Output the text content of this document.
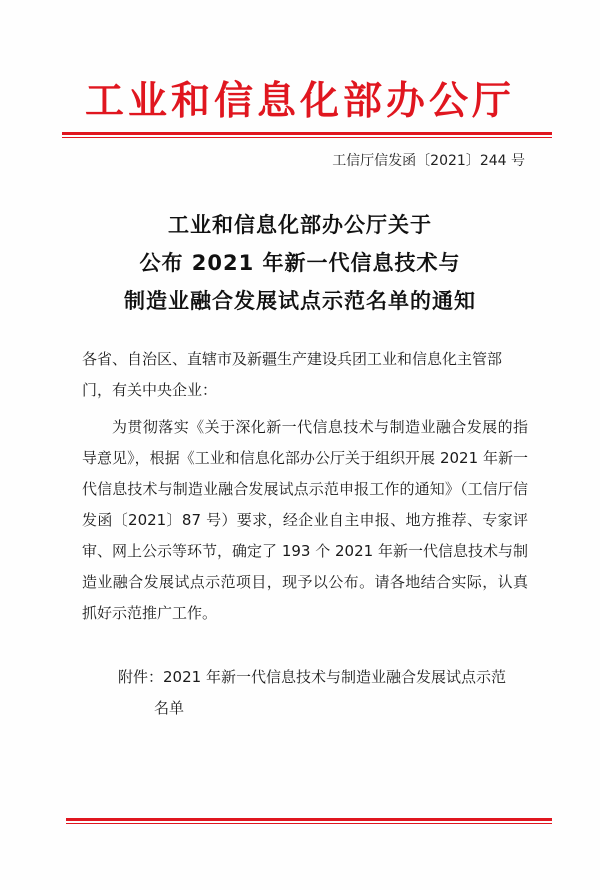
工业和信息化部办公厅
工信厅信发函〔2021〕244 号
工业和信息化部办公厅关于
公布 2021 年新一代信息技术与
制造业融合发展试点示范名单的通知
各省、自治区、直辖市及新疆生产建设兵团工业和信息化主管部门，有关中央企业：
为贯彻落实《关于深化新一代信息技术与制造业融合发展的指导意见》，根据《工业和信息化部办公厅关于组织开展 2021 年新一代信息技术与制造业融合发展试点示范申报工作的通知》（工信厅信发函〔2021〕87 号）要求，经企业自主申报、地方推荐、专家评审、网上公示等环节，确定了 193 个 2021 年新一代信息技术与制造业融合发展试点示范项目，现予以公布。请各地结合实际，认真抓好示范推广工作。
附件：2021 年新一代信息技术与制造业融合发展试点示范
名单
